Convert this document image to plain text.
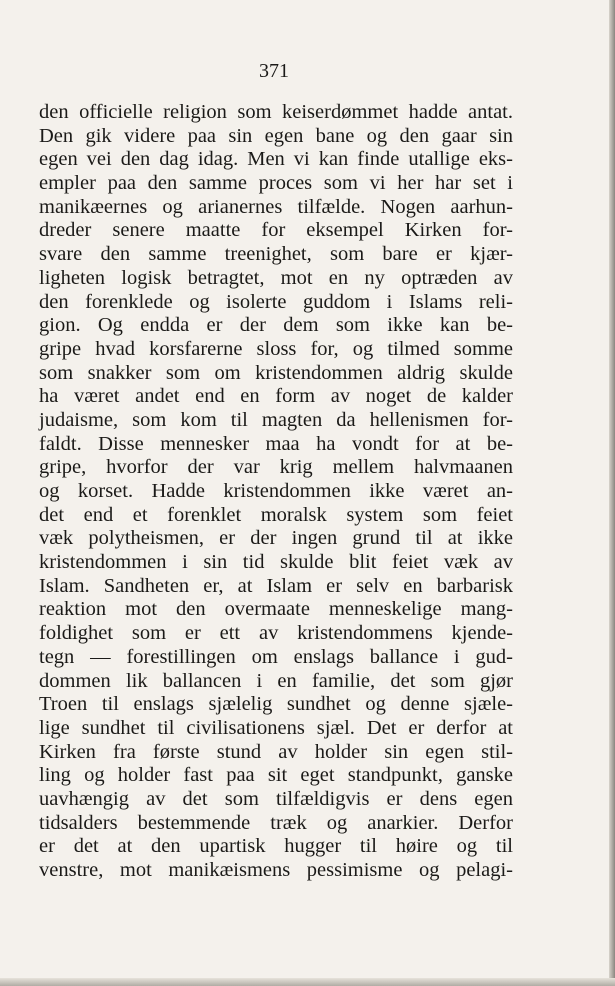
371
den officielle religion som keiserdømmet hadde antat.
Den gik videre paa sin egen bane og den gaar sin
egen vei den dag idag. Men vi kan finde utallige eks-
empler paa den samme proces som vi her har set i
manikæernes og arianernes tilfælde. Nogen aarhun-
dreder senere maatte for eksempel Kirken for-
svare den samme treenighet, som bare er kjær-
ligheten logisk betragtet, mot en ny optræden av
den forenklede og isolerte guddom i Islams reli-
gion. Og endda er der dem som ikke kan be-
gripe hvad korsfarerne sloss for, og tilmed somme
som snakker som om kristendommen aldrig skulde
ha været andet end en form av noget de kalder
judaisme, som kom til magten da hellenismen for-
faldt. Disse mennesker maa ha vondt for at be-
gripe, hvorfor der var krig mellem halvmaanen
og korset. Hadde kristendommen ikke været an-
det end et forenklet moralsk system som feiet
væk polytheismen, er der ingen grund til at ikke
kristendommen i sin tid skulde blit feiet væk av
Islam. Sandheten er, at Islam er selv en barbarisk
reaktion mot den overmaate menneskelige mang-
foldighet som er ett av kristendommens kjende-
tegn — forestillingen om enslags ballance i gud-
dommen lik ballancen i en familie, det som gjør
Troen til enslags sjælelig sundhet og denne sjæle-
lige sundhet til civilisationens sjæl. Det er derfor at
Kirken fra første stund av holder sin egen stil-
ling og holder fast paa sit eget standpunkt, ganske
uavhængig av det som tilfældigvis er dens egen
tidsalders bestemmende træk og anarkier. Derfor
er det at den upartisk hugger til høire og til
venstre, mot manikæismens pessimisme og pelagi-
